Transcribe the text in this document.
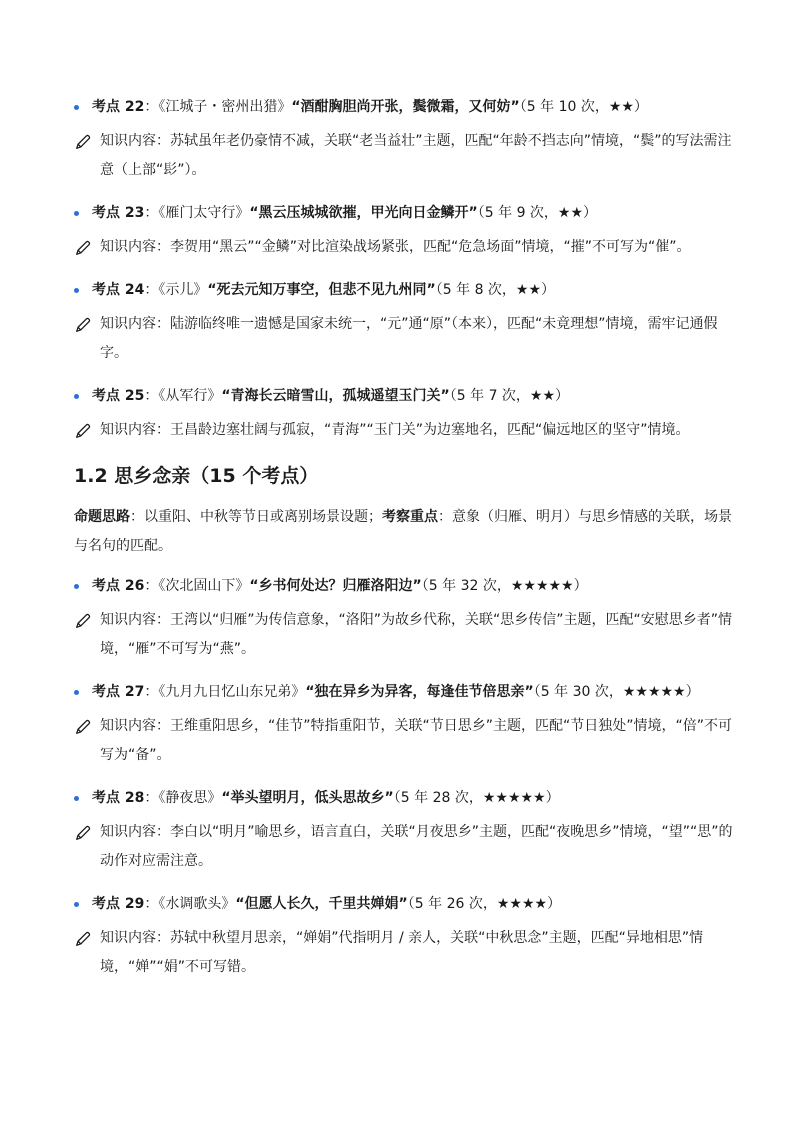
考点 22：《江城子・密州出猎》“酒酣胸胆尚开张，鬓微霜，又何妨”（5 年 10 次，★★）
知识内容：苏轼虽年老仍豪情不减，关联“老当益壮”主题，匹配“年龄不挡志向”情境，“鬓”的写法需注意（上部“髟”）。
考点 23：《雁门太守行》“黑云压城城欲摧，甲光向日金鳞开”（5 年 9 次，★★）
知识内容：李贺用“黑云”“金鳞”对比渲染战场紧张，匹配“危急场面”情境，“摧”不可写为“催”。
考点 24：《示儿》“死去元知万事空，但悲不见九州同”（5 年 8 次，★★）
知识内容：陆游临终唯一遗憾是国家未统一，“元”通“原”（本来），匹配“未竟理想”情境，需牢记通假字。
考点 25：《从军行》“青海长云暗雪山，孤城遥望玉门关”（5 年 7 次，★★）
知识内容：王昌龄边塞壮阔与孤寂，“青海”“玉门关”为边塞地名，匹配“偏远地区的坚守”情境。
1.2 思乡念亲（15 个考点）
命题思路：以重阳、中秋等节日或离别场景设题；考察重点：意象（归雁、明月）与思乡情感的关联，场景与名句的匹配。
考点 26：《次北固山下》“乡书何处达？归雁洛阳边”（5 年 32 次，★★★★★）
知识内容：王湾以“归雁”为传信意象，“洛阳”为故乡代称，关联“思乡传信”主题，匹配“安慰思乡者”情境，“雁”不可写为“燕”。
考点 27：《九月九日忆山东兄弟》“独在异乡为异客，每逢佳节倍思亲”（5 年 30 次，★★★★★）
知识内容：王维重阳思乡，“佳节”特指重阳节，关联“节日思乡”主题，匹配“节日独处”情境，“倍”不可写为“备”。
考点 28：《静夜思》“举头望明月，低头思故乡”（5 年 28 次，★★★★★）
知识内容：李白以“明月”喻思乡，语言直白，关联“月夜思乡”主题，匹配“夜晚思乡”情境，“望”“思”的动作对应需注意。
考点 29：《水调歌头》“但愿人长久，千里共婵娟”（5 年 26 次，★★★★）
知识内容：苏轼中秋望月思亲，“婵娟”代指明月 / 亲人，关联“中秋思念”主题，匹配“异地相思”情境，“婵”“娟”不可写错。
